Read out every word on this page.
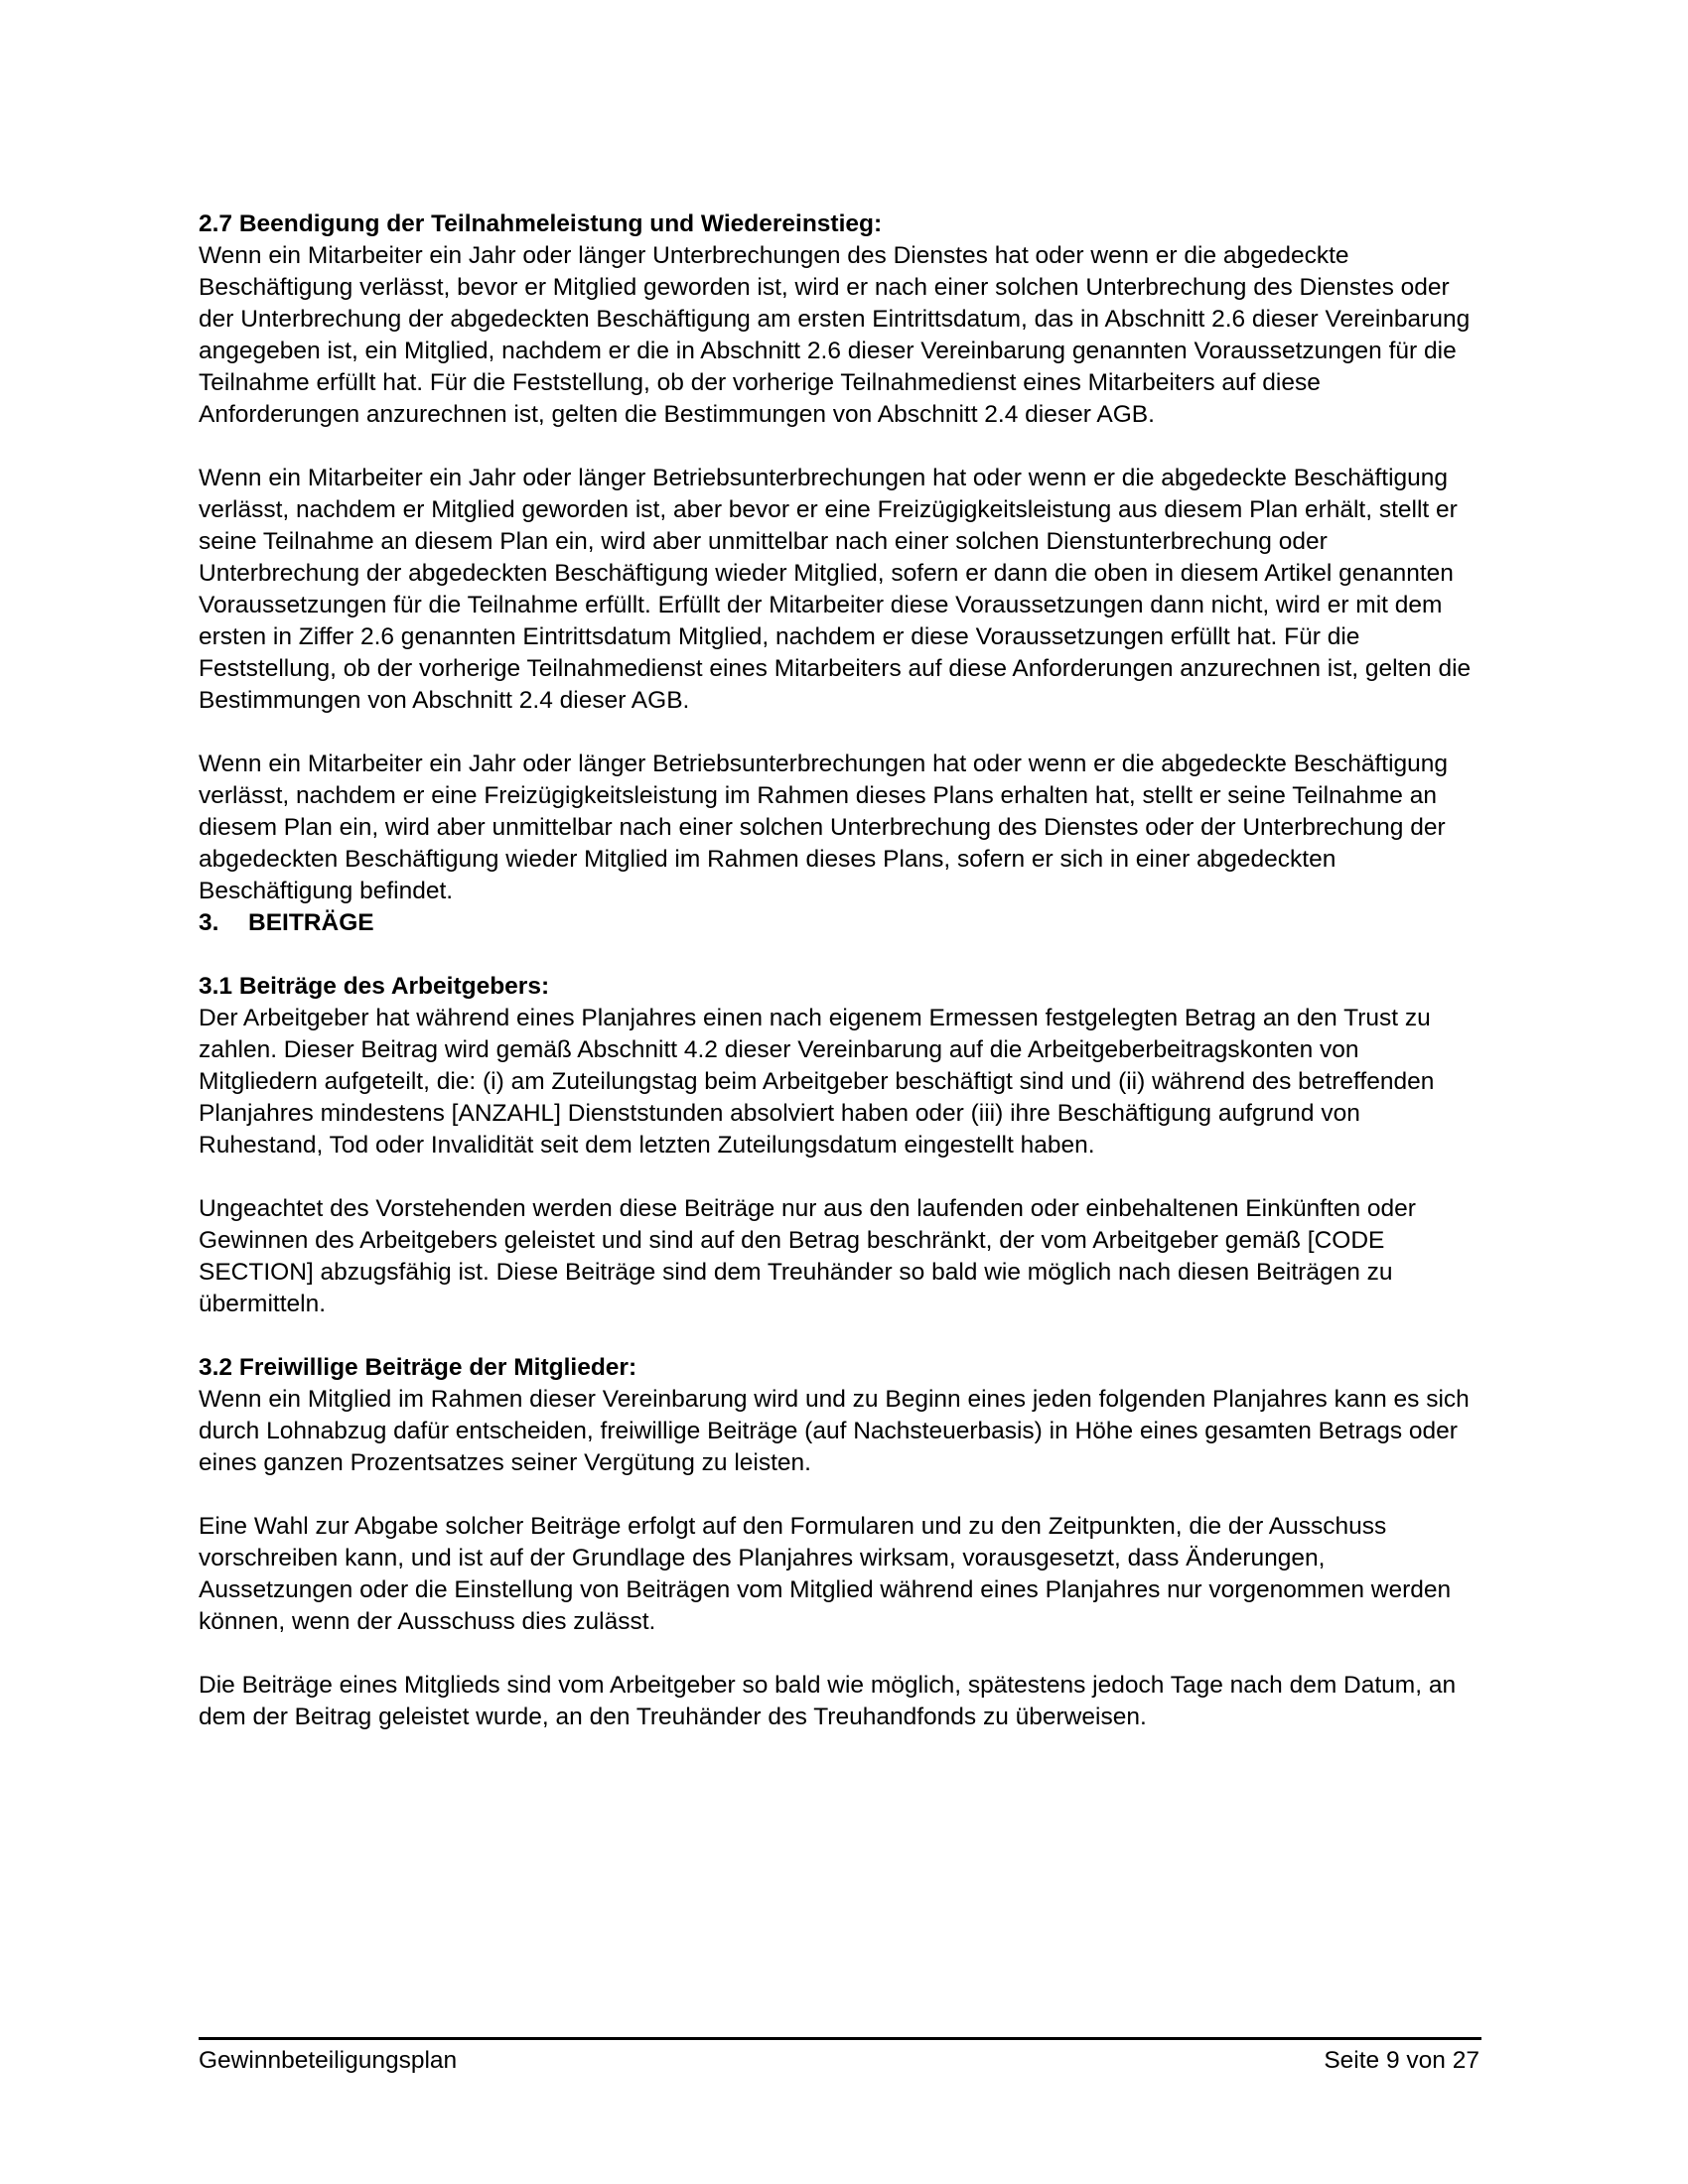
2.7 Beendigung der Teilnahmeleistung und Wiedereinstieg:

Wenn ein Mitarbeiter ein Jahr oder länger Unterbrechungen des Dienstes hat oder wenn er die abgedeckte Beschäftigung verlässt, bevor er Mitglied geworden ist, wird er nach einer solchen Unterbrechung des Dienstes oder der Unterbrechung der abgedeckten Beschäftigung am ersten Eintrittsdatum, das in Abschnitt 2.6 dieser Vereinbarung angegeben ist, ein Mitglied, nachdem er die in Abschnitt 2.6 dieser Vereinbarung genannten Voraussetzungen für die Teilnahme erfüllt hat. Für die Feststellung, ob der vorherige Teilnahmedienst eines Mitarbeiters auf diese Anforderungen anzurechnen ist, gelten die Bestimmungen von Abschnitt 2.4 dieser AGB.

Wenn ein Mitarbeiter ein Jahr oder länger Betriebsunterbrechungen hat oder wenn er die abgedeckte Beschäftigung verlässt, nachdem er Mitglied geworden ist, aber bevor er eine Freizügigkeitsleistung aus diesem Plan erhält, stellt er seine Teilnahme an diesem Plan ein, wird aber unmittelbar nach einer solchen Dienstunterbrechung oder Unterbrechung der abgedeckten Beschäftigung wieder Mitglied, sofern er dann die oben in diesem Artikel genannten Voraussetzungen für die Teilnahme erfüllt. Erfüllt der Mitarbeiter diese Voraussetzungen dann nicht, wird er mit dem ersten in Ziffer 2.6 genannten Eintrittsdatum Mitglied, nachdem er diese Voraussetzungen erfüllt hat. Für die Feststellung, ob der vorherige Teilnahmedienst eines Mitarbeiters auf diese Anforderungen anzurechnen ist, gelten die Bestimmungen von Abschnitt 2.4 dieser AGB.

Wenn ein Mitarbeiter ein Jahr oder länger Betriebsunterbrechungen hat oder wenn er die abgedeckte Beschäftigung verlässt, nachdem er eine Freizügigkeitsleistung im Rahmen dieses Plans erhalten hat, stellt er seine Teilnahme an diesem Plan ein, wird aber unmittelbar nach einer solchen Unterbrechung des Dienstes oder der Unterbrechung der abgedeckten Beschäftigung wieder Mitglied im Rahmen dieses Plans, sofern er sich in einer abgedeckten Beschäftigung befindet.

3. BEITRÄGE

3.1 Beiträge des Arbeitgebers:

Der Arbeitgeber hat während eines Planjahres einen nach eigenem Ermessen festgelegten Betrag an den Trust zu zahlen. Dieser Beitrag wird gemäß Abschnitt 4.2 dieser Vereinbarung auf die Arbeitgeberbeitragskonten von Mitgliedern aufgeteilt, die: (i) am Zuteilungstag beim Arbeitgeber beschäftigt sind und (ii) während des betreffenden Planjahres mindestens [ANZAHL] Dienststunden absolviert haben oder (iii) ihre Beschäftigung aufgrund von Ruhestand, Tod oder Invalidität seit dem letzten Zuteilungsdatum eingestellt haben.

Ungeachtet des Vorstehenden werden diese Beiträge nur aus den laufenden oder einbehaltenen Einkünften oder Gewinnen des Arbeitgebers geleistet und sind auf den Betrag beschränkt, der vom Arbeitgeber gemäß [CODE SECTION] abzugsfähig ist. Diese Beiträge sind dem Treuhänder so bald wie möglich nach diesen Beiträgen zu übermitteln.

3.2 Freiwillige Beiträge der Mitglieder:

Wenn ein Mitglied im Rahmen dieser Vereinbarung wird und zu Beginn eines jeden folgenden Planjahres kann es sich durch Lohnabzug dafür entscheiden, freiwillige Beiträge (auf Nachsteuerbasis) in Höhe eines gesamten Betrags oder eines ganzen Prozentsatzes seiner Vergütung zu leisten.

Eine Wahl zur Abgabe solcher Beiträge erfolgt auf den Formularen und zu den Zeitpunkten, die der Ausschuss vorschreiben kann, und ist auf der Grundlage des Planjahres wirksam, vorausgesetzt, dass Änderungen, Aussetzungen oder die Einstellung von Beiträgen vom Mitglied während eines Planjahres nur vorgenommen werden können, wenn der Ausschuss dies zulässt.

Die Beiträge eines Mitglieds sind vom Arbeitgeber so bald wie möglich, spätestens jedoch Tage nach dem Datum, an dem der Beitrag geleistet wurde, an den Treuhänder des Treuhandfonds zu überweisen.

Gewinnbeteiligungsplan	Seite 9 von 27
